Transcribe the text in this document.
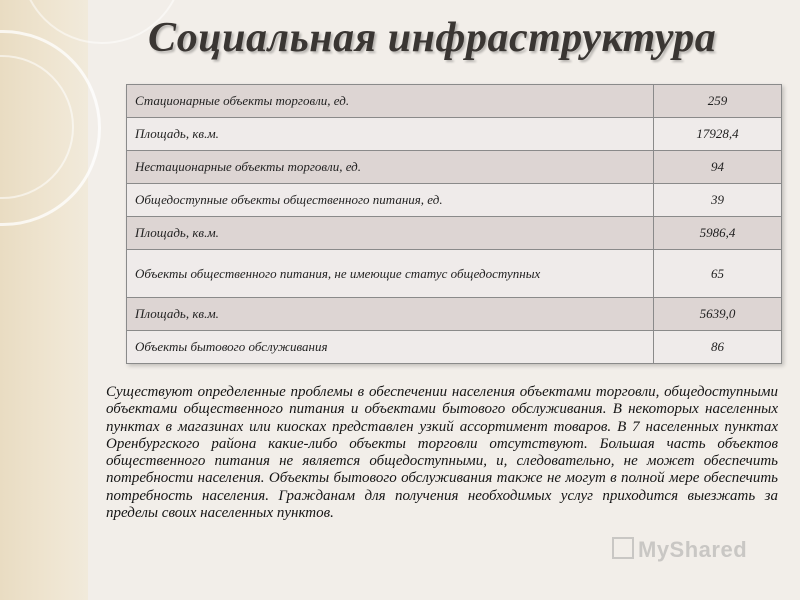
Социальная инфраструктура
Стационарные объекты торговли, ед.	259
Площадь, кв.м.	17928,4
Нестационарные объекты торговли, ед.	94
Общедоступные объекты общественного питания, ед.	39
Площадь, кв.м.	5986,4
Объекты общественного питания, не имеющие статус общедоступных	65
Площадь, кв.м.	5639,0
Объекты бытового обслуживания	86

Существуют определенные проблемы в обеспечении населения объектами торговли, общедоступными объектами общественного питания и объектами бытового обслуживания. В некоторых населенных пунктах в магазинах или киосках представлен узкий ассортимент товаров. В 7 населенных пунктах Оренбургского района какие-либо объекты торговли отсутствуют. Большая часть объектов общественного питания не является общедоступными, и, следовательно, не может обеспечить потребности населения. Объекты бытового обслуживания также не могут в полной мере обеспечить потребность населения. Гражданам для получения необходимых услуг приходится выезжать за пределы своих населенных пунктов.

MyShared
